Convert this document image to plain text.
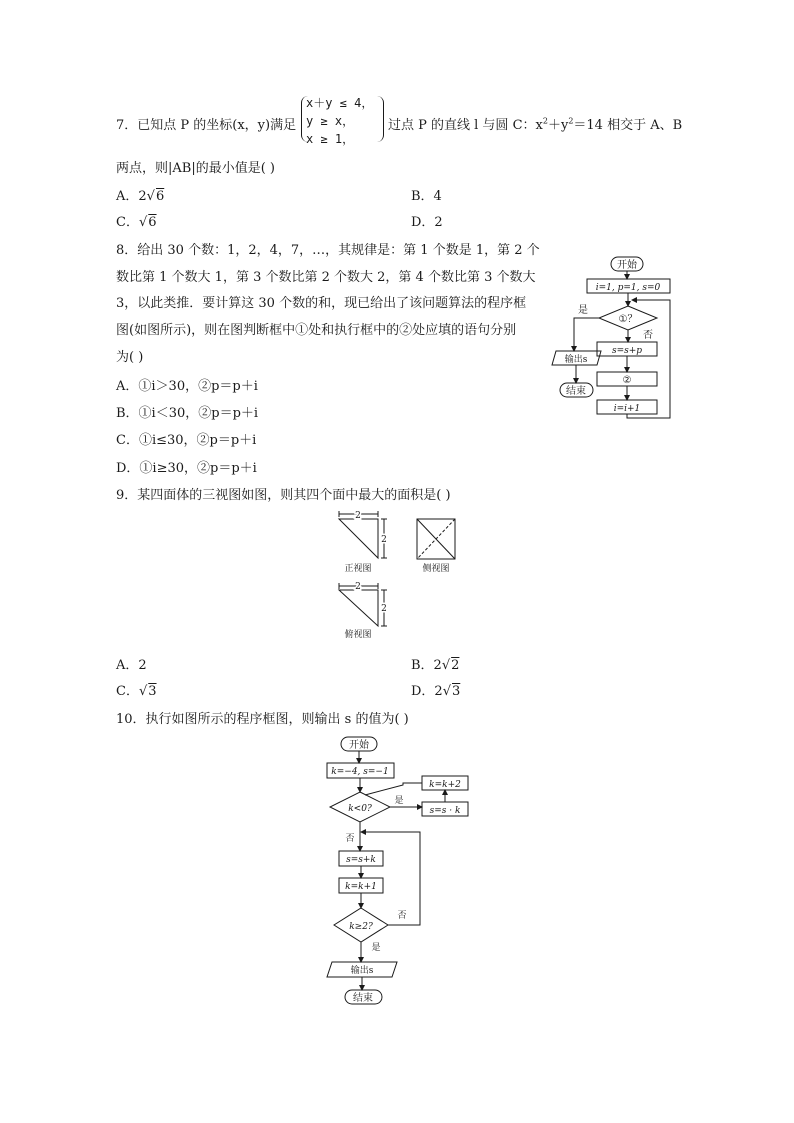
7．已知点 P 的坐标(x，y)满足
x＋y ≤ 4，
y ≥ x，
x ≥ 1，
过点 P 的直线 l 与圆 C：$x^2+y^2=14$ 相交于 A、B
两点，则|AB|的最小值是( )
A．2√6	B．4
C．√6	D．2
8．给出 30 个数：1，2，4，7，…，其规律是：第 1 个数是 1，第 2 个
数比第 1 个数大 1，第 3 个数比第 2 个数大 2，第 4 个数比第 3 个数大
3，以此类推．要计算这 30 个数的和，现已给出了该问题算法的程序框
图(如图所示)，则在图判断框中①处和执行框中的②处应填的语句分别
为( )
A．①i＞30，②p＝p＋i
B．①i＜30，②p＝p＋i
C．①i≤30，②p＝p＋i
D．①i≥30，②p＝p＋i
开始
i=1, p=1, s=0
①？
是
否
s=s+p
②
i=i+1
输出s
结束
9．某四面体的三视图如图，则其四个面中最大的面积是( )
2
2
2
2
正视图	侧视图
俯视图
A．2	B．2√2
C．√3	D．2√3
10．执行如图所示的程序框图，则输出 s 的值为( )
开始
k=−4, s=−1
k<0?
是
否
k=k+2
s=s · k
s=s+k
k=k+1
k≥2?
否
是
输出s
结束
